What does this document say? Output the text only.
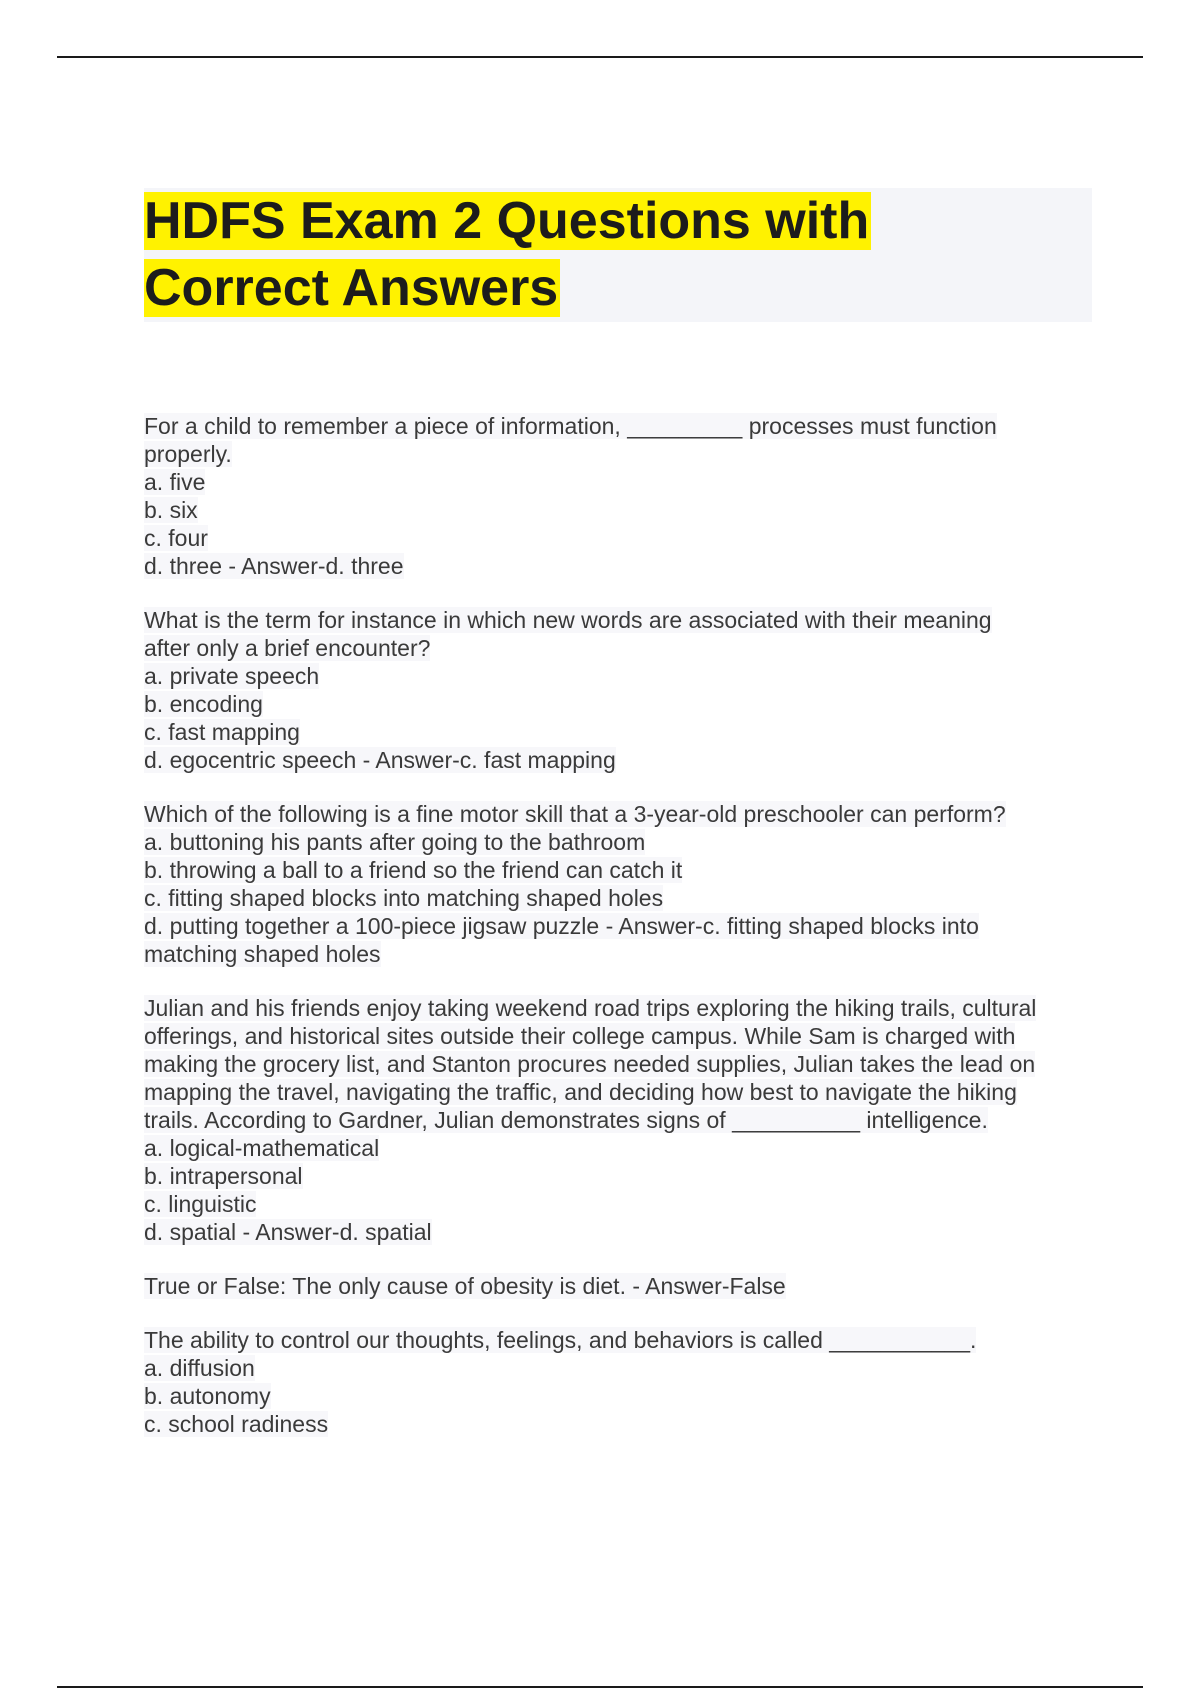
HDFS Exam 2 Questions with
Correct Answers
For a child to remember a piece of information, _________ processes must function
properly.
a. five
b. six
c. four
d. three - Answer-d. three
What is the term for instance in which new words are associated with their meaning
after only a brief encounter?
a. private speech
b. encoding
c. fast mapping
d. egocentric speech - Answer-c. fast mapping
Which of the following is a fine motor skill that a 3-year-old preschooler can perform?
a. buttoning his pants after going to the bathroom
b. throwing a ball to a friend so the friend can catch it
c. fitting shaped blocks into matching shaped holes
d. putting together a 100-piece jigsaw puzzle - Answer-c. fitting shaped blocks into
matching shaped holes
Julian and his friends enjoy taking weekend road trips exploring the hiking trails, cultural
offerings, and historical sites outside their college campus. While Sam is charged with
making the grocery list, and Stanton procures needed supplies, Julian takes the lead on
mapping the travel, navigating the traffic, and deciding how best to navigate the hiking
trails. According to Gardner, Julian demonstrates signs of __________ intelligence.
a. logical-mathematical
b. intrapersonal
c. linguistic
d. spatial - Answer-d. spatial
True or False: The only cause of obesity is diet. - Answer-False
The ability to control our thoughts, feelings, and behaviors is called ___________.
a. diffusion
b. autonomy
c. school radiness
